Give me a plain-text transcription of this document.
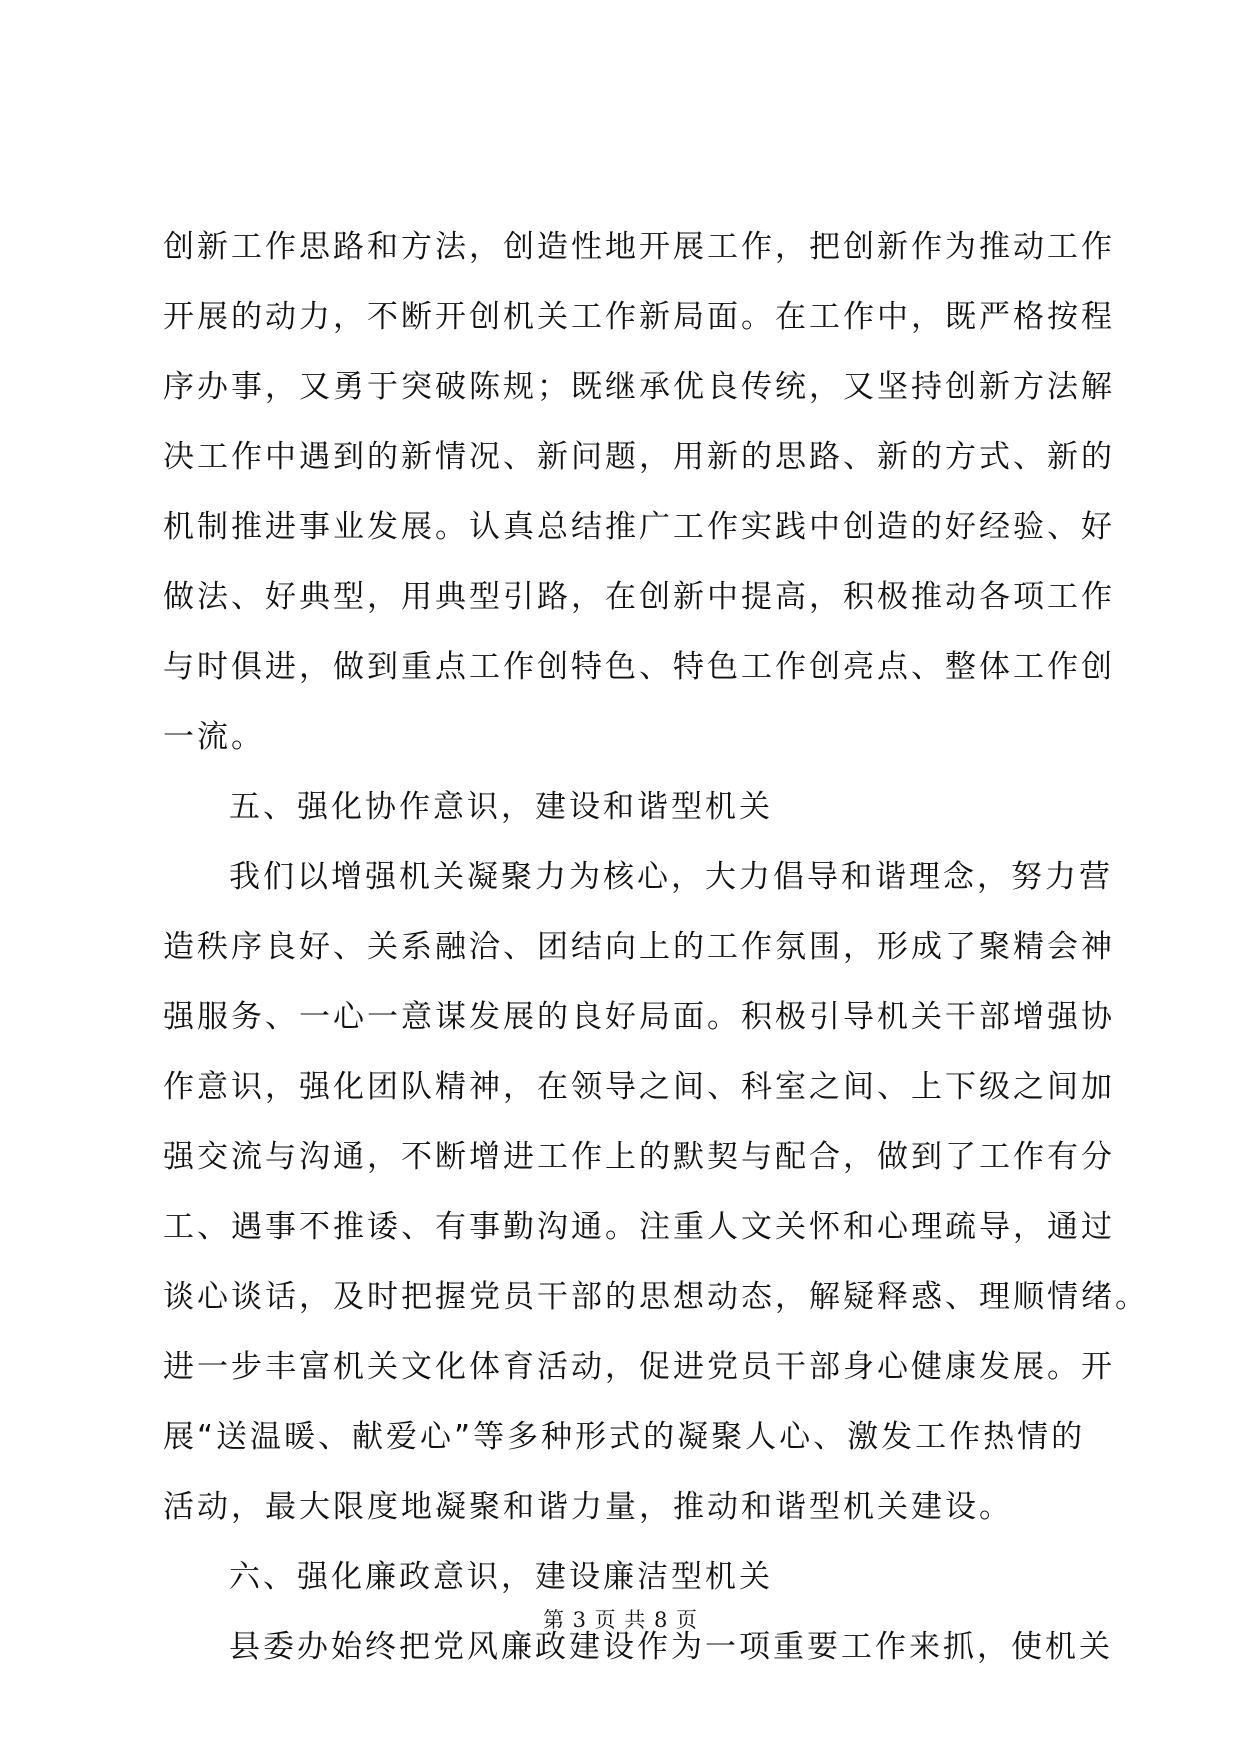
创新工作思路和方法，创造性地开展工作，把创新作为推动工作
开展的动力，不断开创机关工作新局面。在工作中，既严格按程
序办事，又勇于突破陈规；既继承优良传统，又坚持创新方法解
决工作中遇到的新情况、新问题，用新的思路、新的方式、新的
机制推进事业发展。认真总结推广工作实践中创造的好经验、好
做法、好典型，用典型引路，在创新中提高，积极推动各项工作
与时俱进，做到重点工作创特色、特色工作创亮点、整体工作创
一流。
五、强化协作意识，建设和谐型机关
我们以增强机关凝聚力为核心，大力倡导和谐理念，努力营
造秩序良好、关系融洽、团结向上的工作氛围，形成了聚精会神
强服务、一心一意谋发展的良好局面。积极引导机关干部增强协
作意识，强化团队精神，在领导之间、科室之间、上下级之间加
强交流与沟通，不断增进工作上的默契与配合，做到了工作有分
工、遇事不推诿、有事勤沟通。注重人文关怀和心理疏导，通过
谈心谈话，及时把握党员干部的思想动态，解疑释惑、理顺情绪。
进一步丰富机关文化体育活动，促进党员干部身心健康发展。开
展“送温暖、献爱心”等多种形式的凝聚人心、激发工作热情的
活动，最大限度地凝聚和谐力量，推动和谐型机关建设。
六、强化廉政意识，建设廉洁型机关
县委办始终把党风廉政建设作为一项重要工作来抓，使机关
第 3 页 共 8 页
